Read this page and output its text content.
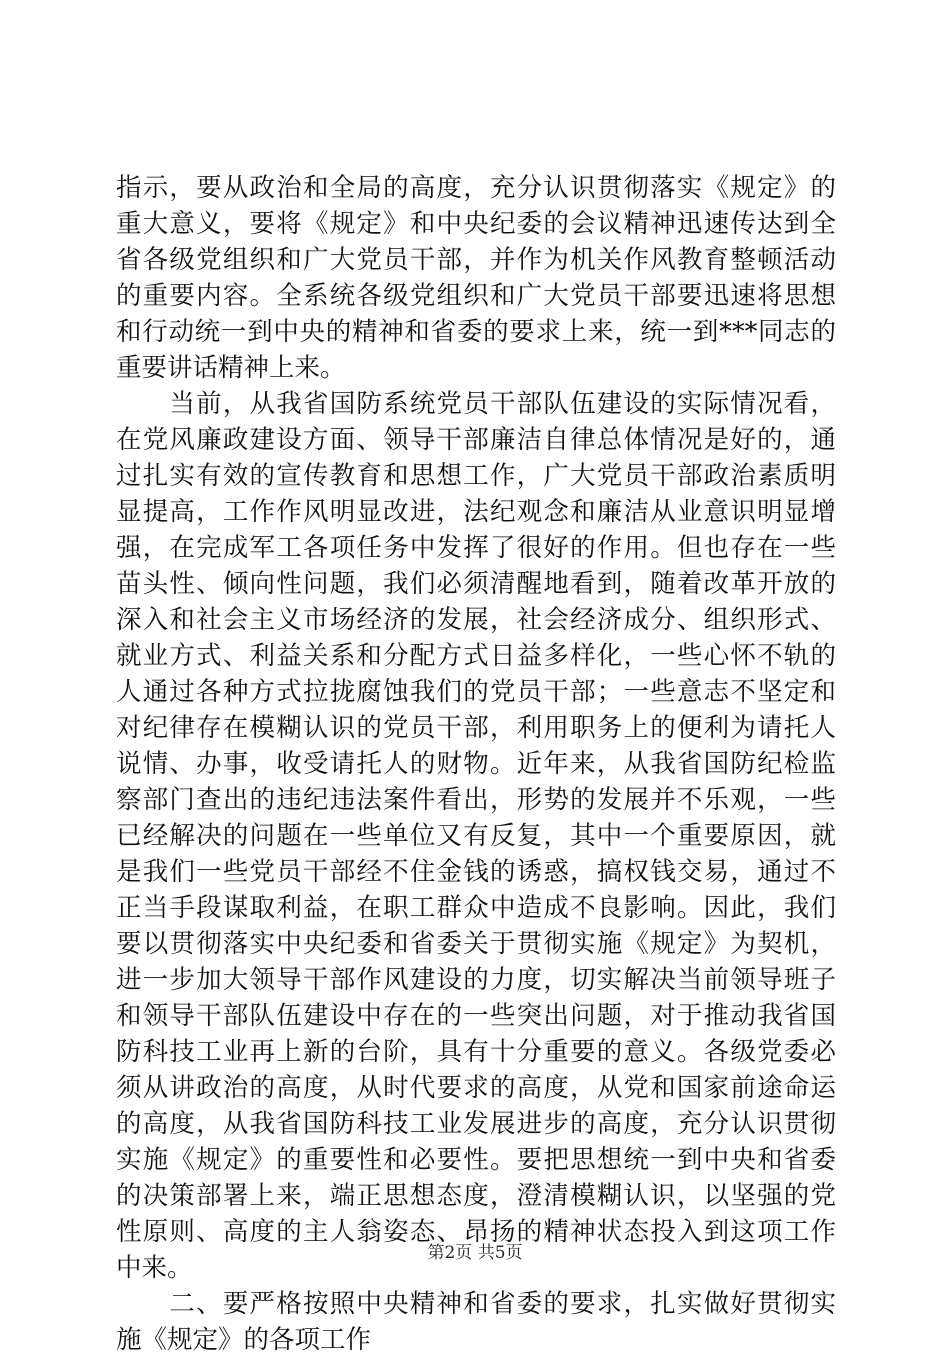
指示，要从政治和全局的高度，充分认识贯彻落实《规定》的
重大意义，要将《规定》和中央纪委的会议精神迅速传达到全
省各级党组织和广大党员干部，并作为机关作风教育整顿活动
的重要内容。全系统各级党组织和广大党员干部要迅速将思想
和行动统一到中央的精神和省委的要求上来，统一到***同志的
重要讲话精神上来。
　　当前，从我省国防系统党员干部队伍建设的实际情况看，
在党风廉政建设方面、领导干部廉洁自律总体情况是好的，通
过扎实有效的宣传教育和思想工作，广大党员干部政治素质明
显提高，工作作风明显改进，法纪观念和廉洁从业意识明显增
强，在完成军工各项任务中发挥了很好的作用。但也存在一些
苗头性、倾向性问题，我们必须清醒地看到，随着改革开放的
深入和社会主义市场经济的发展，社会经济成分、组织形式、
就业方式、利益关系和分配方式日益多样化，一些心怀不轨的
人通过各种方式拉拢腐蚀我们的党员干部；一些意志不坚定和
对纪律存在模糊认识的党员干部，利用职务上的便利为请托人
说情、办事，收受请托人的财物。近年来，从我省国防纪检监
察部门查出的违纪违法案件看出，形势的发展并不乐观，一些
已经解决的问题在一些单位又有反复，其中一个重要原因，就
是我们一些党员干部经不住金钱的诱惑，搞权钱交易，通过不
正当手段谋取利益，在职工群众中造成不良影响。因此，我们
要以贯彻落实中央纪委和省委关于贯彻实施《规定》为契机，
进一步加大领导干部作风建设的力度，切实解决当前领导班子
和领导干部队伍建设中存在的一些突出问题，对于推动我省国
防科技工业再上新的台阶，具有十分重要的意义。各级党委必
须从讲政治的高度，从时代要求的高度，从党和国家前途命运
的高度，从我省国防科技工业发展进步的高度，充分认识贯彻
实施《规定》的重要性和必要性。要把思想统一到中央和省委
的决策部署上来，端正思想态度，澄清模糊认识，以坚强的党
性原则、高度的主人翁姿态、昂扬的精神状态投入到这项工作
中来。
　　二、要严格按照中央精神和省委的要求，扎实做好贯彻实
施《规定》的各项工作
第2页 共5页
